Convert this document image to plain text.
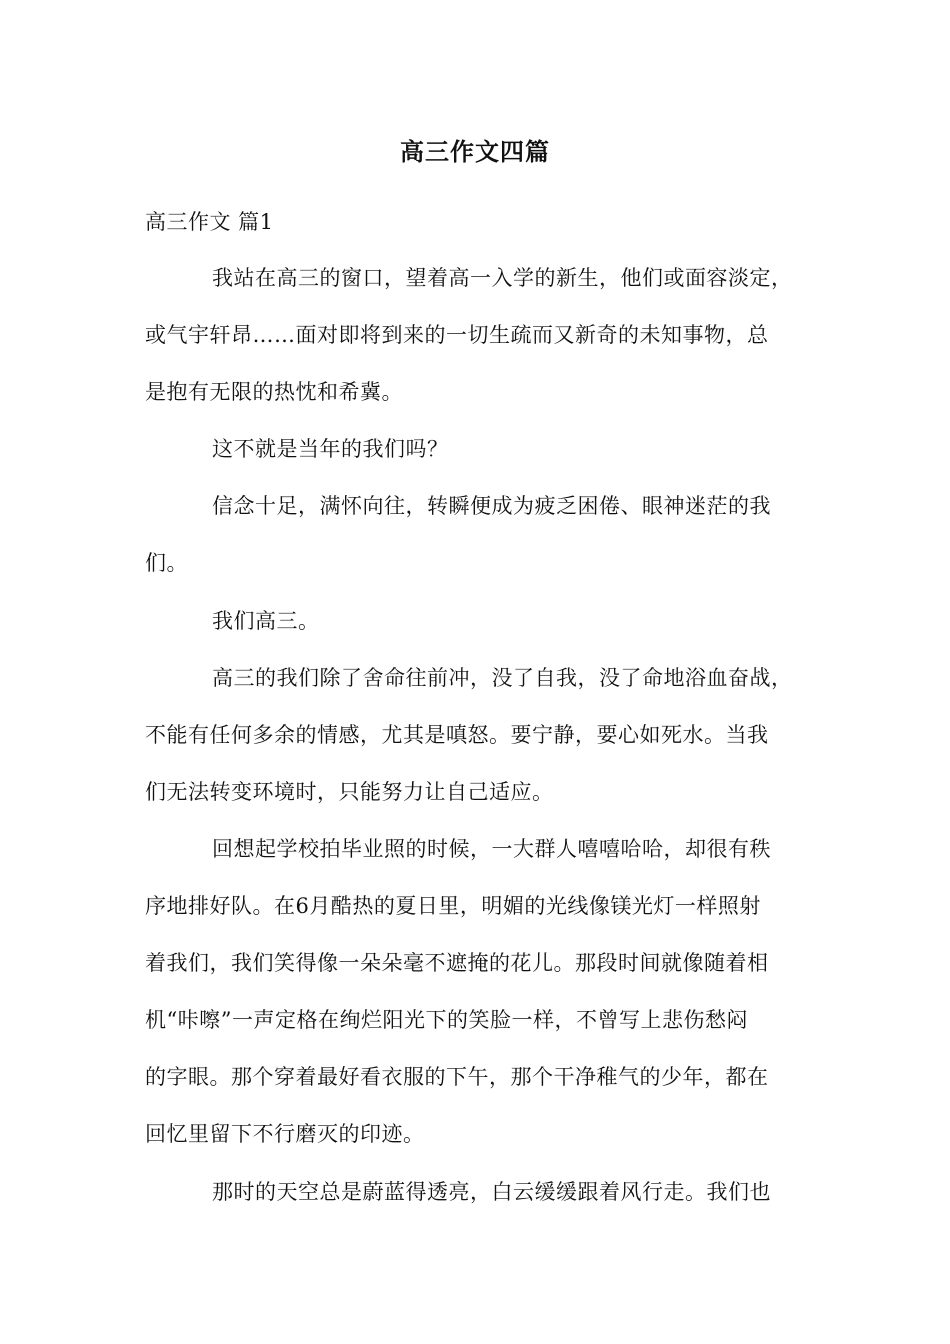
高三作文四篇
高三作文 篇1
我站在高三的窗口，望着高一入学的新生，他们或面容淡定，
或气宇轩昂……面对即将到来的一切生疏而又新奇的未知事物，总
是抱有无限的热忱和希冀。
这不就是当年的我们吗？
信念十足，满怀向往，转瞬便成为疲乏困倦、眼神迷茫的我
们。
我们高三。
高三的我们除了舍命往前冲，没了自我，没了命地浴血奋战，
不能有任何多余的情感，尤其是嗔怒。要宁静，要心如死水。当我
们无法转变环境时，只能努力让自己适应。
回想起学校拍毕业照的时候，一大群人嘻嘻哈哈，却很有秩
序地排好队。在6月酷热的夏日里，明媚的光线像镁光灯一样照射
着我们，我们笑得像一朵朵毫不遮掩的花儿。那段时间就像随着相
机“咔嚓”一声定格在绚烂阳光下的笑脸一样，不曾写上悲伤愁闷
的字眼。那个穿着最好看衣服的下午，那个干净稚气的少年，都在
回忆里留下不行磨灭的印迹。
那时的天空总是蔚蓝得透亮，白云缓缓跟着风行走。我们也
